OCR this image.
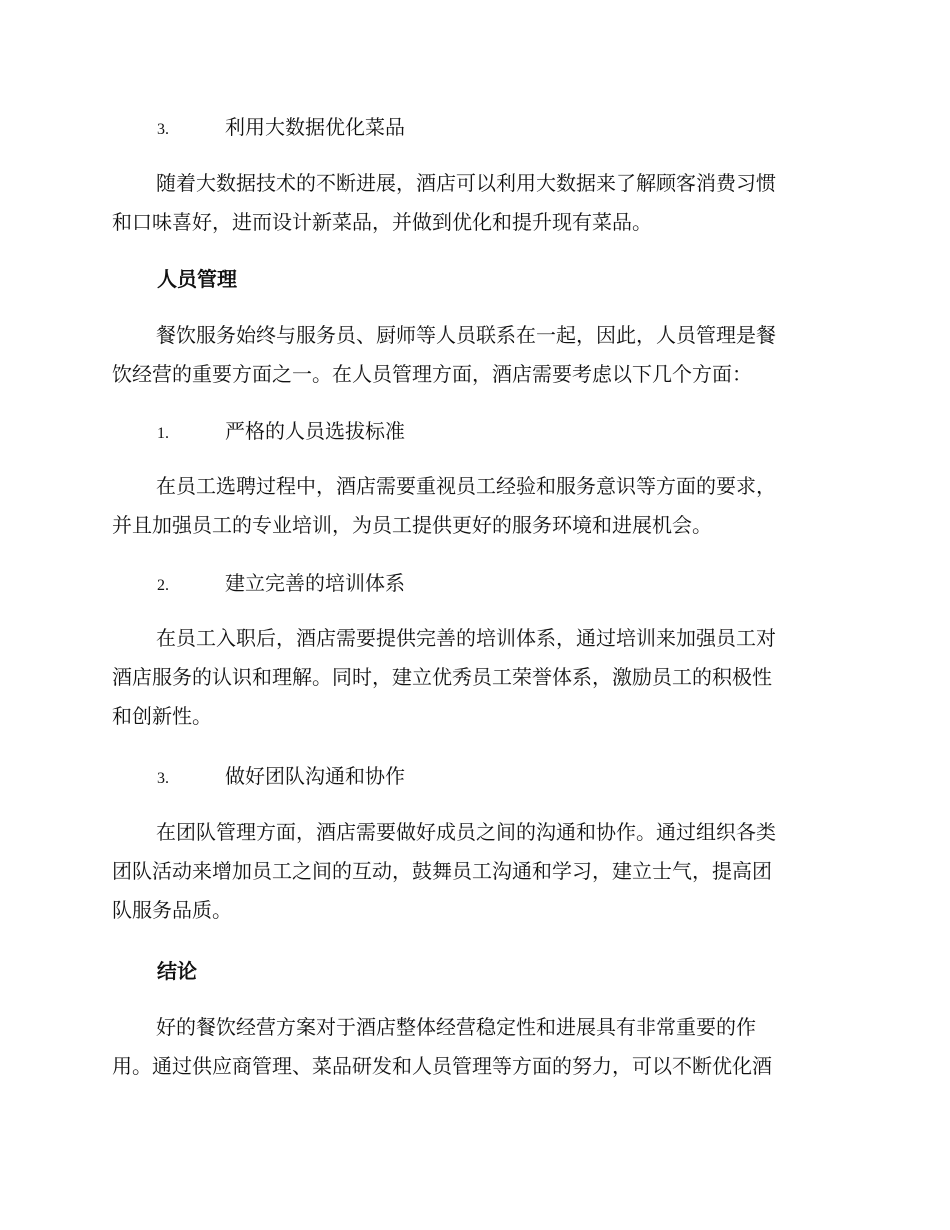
3.	利用大数据优化菜品
随着大数据技术的不断进展，酒店可以利用大数据来了解顾客消费习惯
和口味喜好，进而设计新菜品，并做到优化和提升现有菜品。
人员管理
餐饮服务始终与服务员、厨师等人员联系在一起，因此，人员管理是餐
饮经营的重要方面之一。在人员管理方面，酒店需要考虑以下几个方面：
1.	严格的人员选拔标准
在员工选聘过程中，酒店需要重视员工经验和服务意识等方面的要求，
并且加强员工的专业培训，为员工提供更好的服务环境和进展机会。
2.	建立完善的培训体系
在员工入职后，酒店需要提供完善的培训体系，通过培训来加强员工对
酒店服务的认识和理解。同时，建立优秀员工荣誉体系，激励员工的积极性
和创新性。
3.	做好团队沟通和协作
在团队管理方面，酒店需要做好成员之间的沟通和协作。通过组织各类
团队活动来增加员工之间的互动，鼓舞员工沟通和学习，建立士气，提高团
队服务品质。
结论
好的餐饮经营方案对于酒店整体经营稳定性和进展具有非常重要的作
用。通过供应商管理、菜品研发和人员管理等方面的努力，可以不断优化酒
